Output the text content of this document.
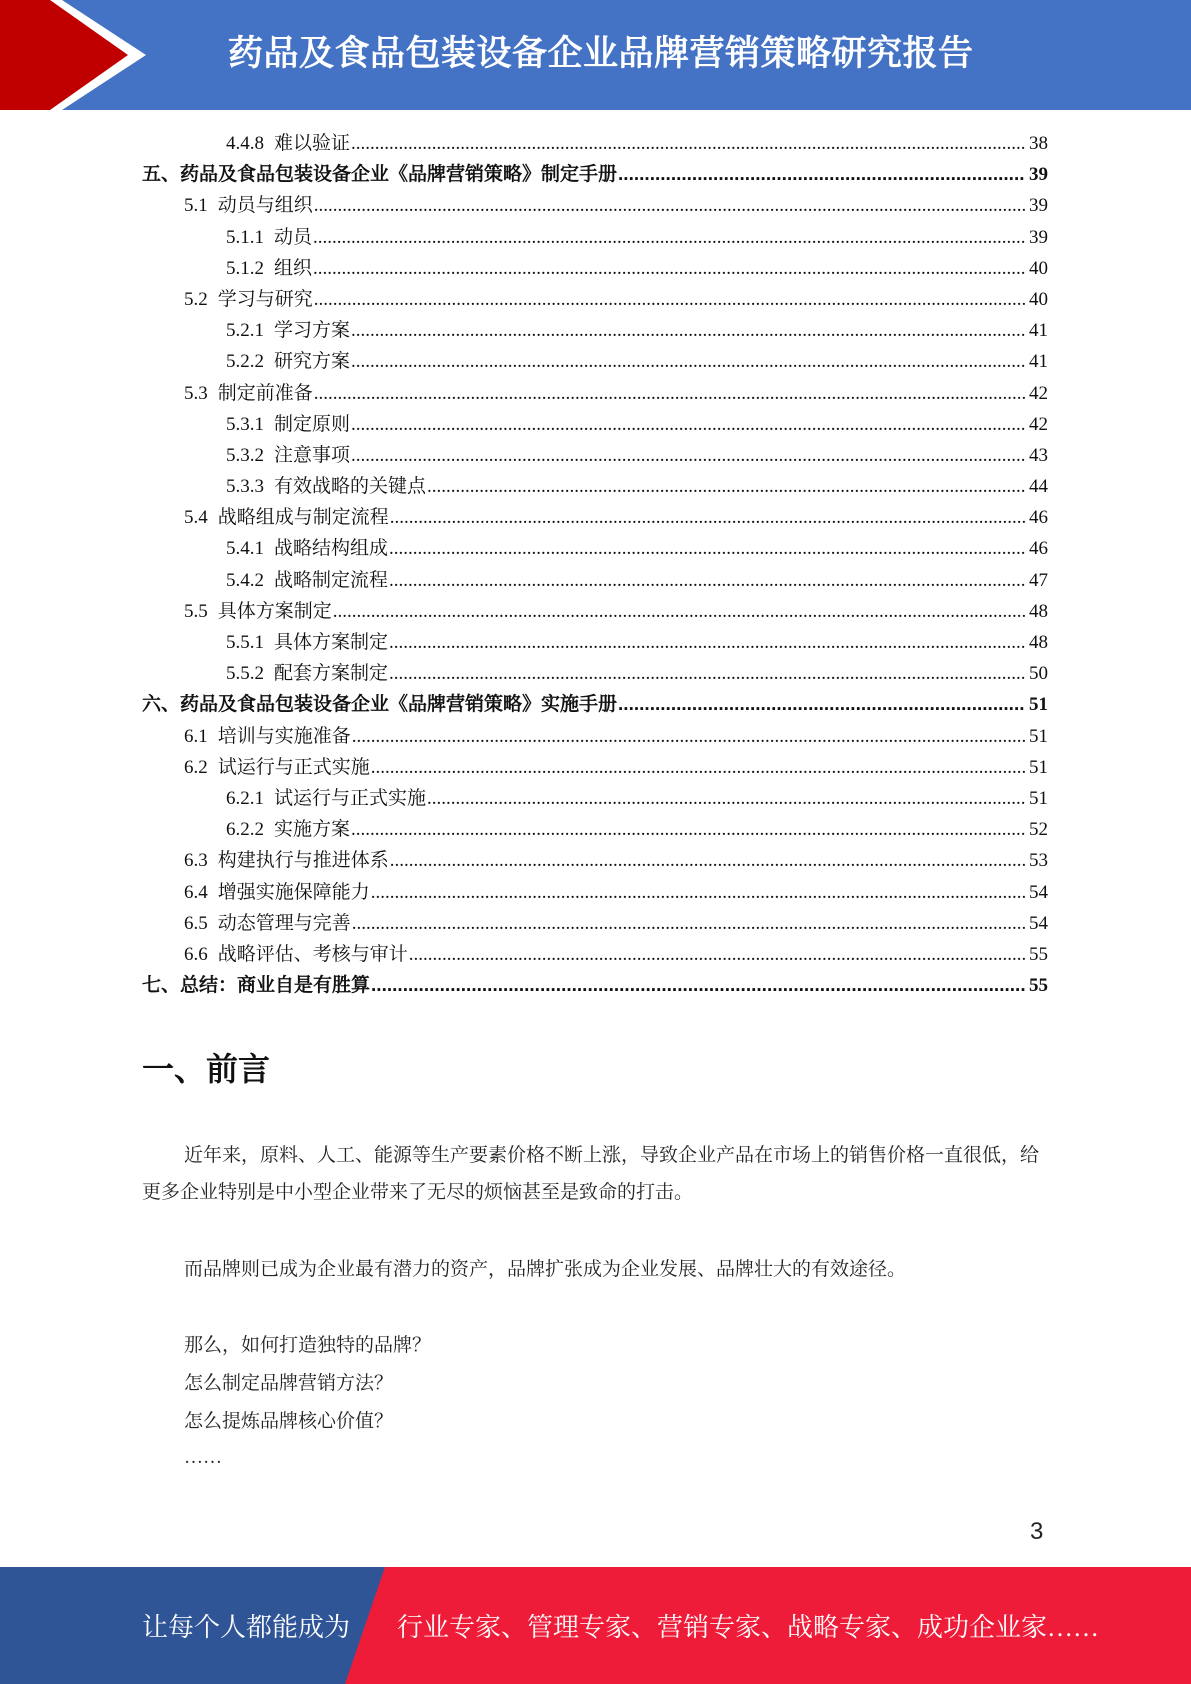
药品及食品包装设备企业品牌营销策略研究报告
4.4.8 难以验证 .....	38
五、 药品及食品包装设备企业《品牌营销策略》制定手册 .....	39
5.1 动员与组织 .....	39
5.1.1 动员 .....	39
5.1.2 组织 .....	40
5.2 学习与研究 .....	40
5.2.1 学习方案 .....	41
5.2.2 研究方案 .....	41
5.3 制定前准备 .....	42
5.3.1 制定原则 .....	42
5.3.2 注意事项 .....	43
5.3.3 有效战略的关键点 .....	44
5.4 战略组成与制定流程 .....	46
5.4.1 战略结构组成 .....	46
5.4.2 战略制定流程 .....	47
5.5 具体方案制定 .....	48
5.5.1 具体方案制定 .....	48
5.5.2 配套方案制定 .....	50
六、 药品及食品包装设备企业《品牌营销策略》实施手册 .....	51
6.1 培训与实施准备 .....	51
6.2 试运行与正式实施 .....	51
6.2.1 试运行与正式实施 .....	51
6.2.2 实施方案 .....	52
6.3 构建执行与推进体系 .....	53
6.4 增强实施保障能力 .....	54
6.5 动态管理与完善 .....	54
6.6 战略评估、考核与审计 .....	55
七、 总结：商业自是有胜算 .....	55
一、前言
近年来，原料、人工、能源等生产要素价格不断上涨，导致企业产品在市场上的销售价格一直很低，给更多企业特别是中小型企业带来了无尽的烦恼甚至是致命的打击。
而品牌则已成为企业最有潜力的资产，品牌扩张成为企业发展、品牌壮大的有效途径。
那么，如何打造独特的品牌？
怎么制定品牌营销方法？
怎么提炼品牌核心价值？
……
3
让每个人都能成为 行业专家、管理专家、营销专家、战略专家、成功企业家……
